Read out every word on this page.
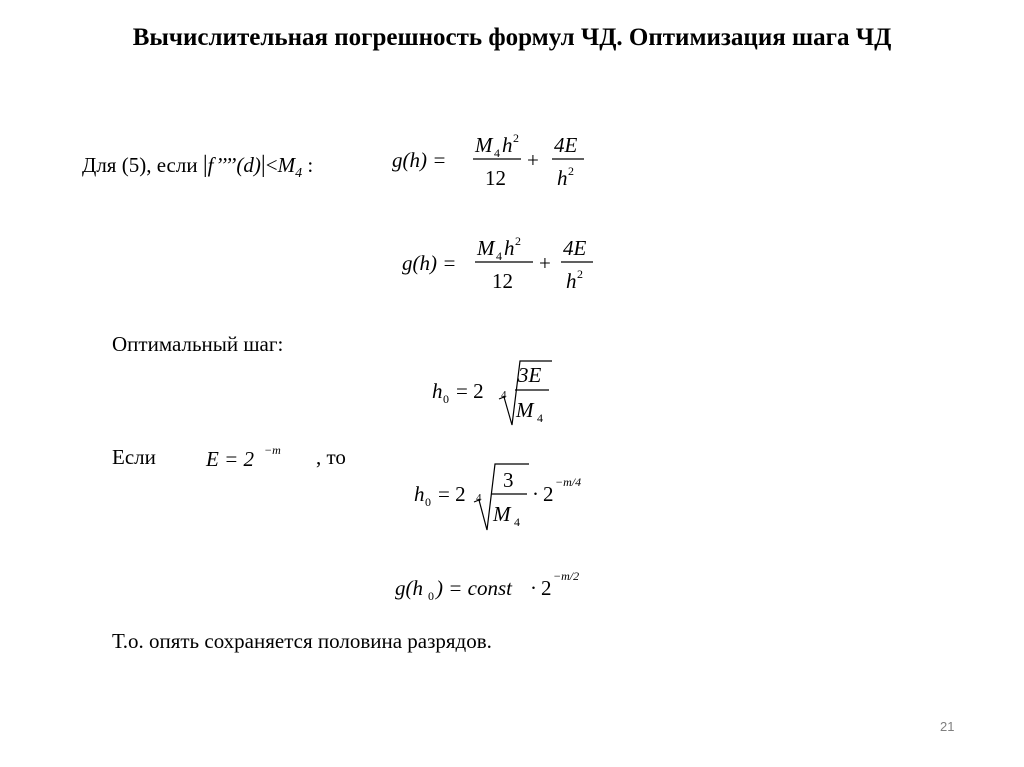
Вычислительная погрешность формул ЧД. Оптимизация шага ЧД
Для (5), если $|f’’’’(d)|<M_4$ :	g(h) =
M 4 h 2
12
+
4E
h 2
g(h) =
M 4 h 2
12
+
4E
h 2
Оптимальный шаг:
h 0 = 2 4
3E
M 4
Если E = 2 −m , то
h 0 = 2 4
3
M 4
· 2 −m/4
g(h 0 ) = const · 2 −m/2
Т.о. опять сохраняется половина разрядов.
21
